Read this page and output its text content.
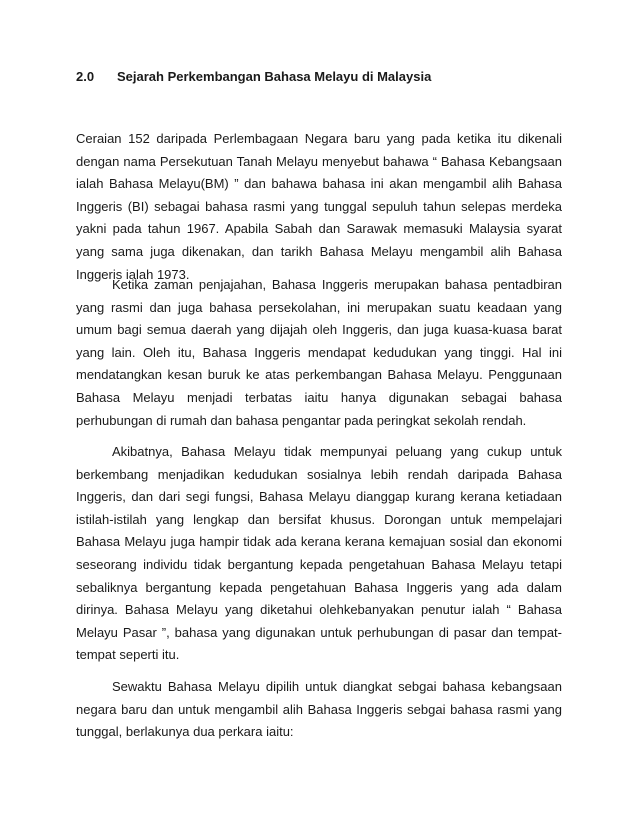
2.0	Sejarah Perkembangan Bahasa Melayu di Malaysia

Ceraian 152 daripada Perlembagaan Negara baru yang pada ketika itu dikenali dengan nama Persekutuan Tanah Melayu menyebut bahawa “ Bahasa Kebangsaan ialah Bahasa Melayu(BM) ” dan bahawa bahasa ini akan mengambil alih Bahasa Inggeris (BI) sebagai bahasa rasmi yang tunggal sepuluh tahun selepas merdeka yakni pada tahun 1967. Apabila Sabah dan Sarawak memasuki Malaysia syarat yang sama juga dikenakan, dan tarikh Bahasa Melayu mengambil alih Bahasa Inggeris ialah 1973.

Ketika zaman penjajahan, Bahasa Inggeris merupakan bahasa pentadbiran yang rasmi dan juga bahasa persekolahan, ini merupakan suatu keadaan yang umum bagi semua daerah yang dijajah oleh Inggeris, dan juga kuasa-kuasa barat yang lain. Oleh itu, Bahasa Inggeris mendapat kedudukan yang tinggi. Hal ini mendatangkan kesan buruk ke atas perkembangan Bahasa Melayu. Penggunaan Bahasa Melayu menjadi terbatas iaitu hanya digunakan sebagai bahasa perhubungan di rumah dan bahasa pengantar pada peringkat sekolah rendah.

Akibatnya, Bahasa Melayu tidak mempunyai peluang yang cukup untuk berkembang menjadikan kedudukan sosialnya lebih rendah daripada Bahasa Inggeris, dan dari segi fungsi, Bahasa Melayu dianggap kurang kerana ketiadaan istilah-istilah yang lengkap dan bersifat khusus. Dorongan untuk mempelajari Bahasa Melayu juga hampir tidak ada kerana kerana kemajuan sosial dan ekonomi seseorang individu tidak bergantung kepada pengetahuan Bahasa Melayu tetapi sebaliknya bergantung kepada pengetahuan Bahasa Inggeris yang ada dalam dirinya. Bahasa Melayu yang diketahui olehkebanyakan penutur ialah “ Bahasa Melayu Pasar ”, bahasa yang digunakan untuk perhubungan di pasar dan tempat-tempat seperti itu.

Sewaktu Bahasa Melayu dipilih untuk diangkat sebgai bahasa kebangsaan negara baru dan untuk mengambil alih Bahasa Inggeris sebgai bahasa rasmi yang tunggal, berlakunya dua perkara iaitu:
